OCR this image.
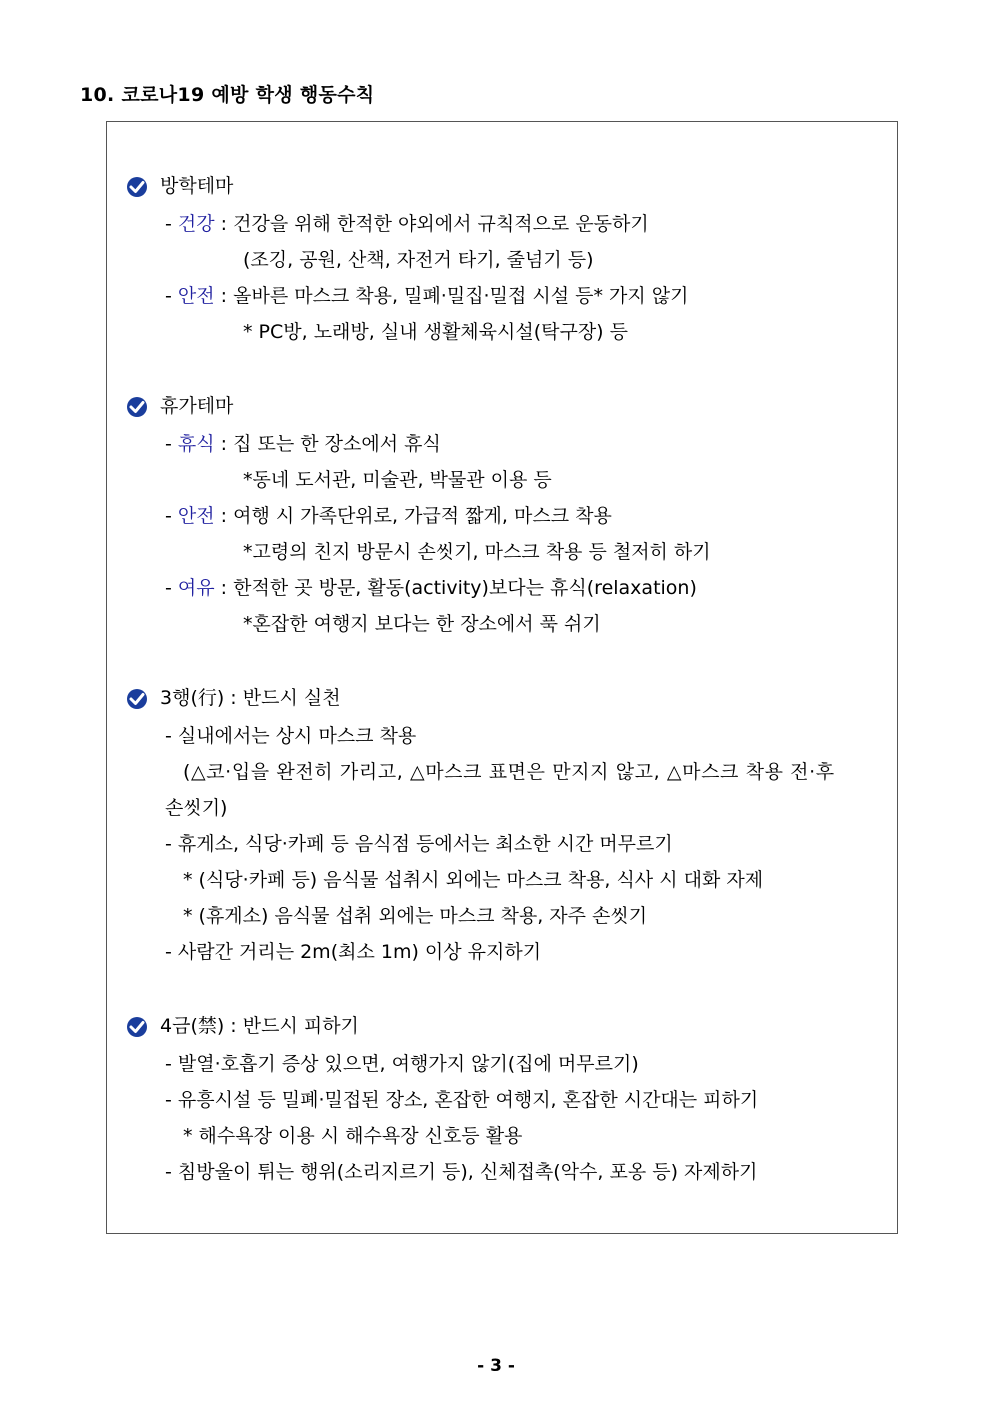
10. 코로나19 예방 학생 행동수칙
방학테마
- 건강 : 건강을 위해 한적한 야외에서 규칙적으로 운동하기
(조깅, 공원, 산책, 자전거 타기, 줄넘기 등)
- 안전 : 올바른 마스크 착용, 밀폐·밀집·밀접 시설 등* 가지 않기
* PC방, 노래방, 실내 생활체육시설(탁구장) 등
휴가테마
- 휴식 : 집 또는 한 장소에서 휴식
*동네 도서관, 미술관, 박물관 이용 등
- 안전 : 여행 시 가족단위로, 가급적 짧게, 마스크 착용
*고령의 친지 방문시 손씻기, 마스크 착용 등 철저히 하기
- 여유 : 한적한 곳 방문, 활동(activity)보다는 휴식(relaxation)
*혼잡한 여행지 보다는 한 장소에서 푹 쉬기
3행(行) : 반드시 실천
- 실내에서는 상시 마스크 착용
(△코·입을 완전히 가리고, △마스크 표면은 만지지 않고, △마스크 착용 전·후
손씻기)
- 휴게소, 식당·카페 등 음식점 등에서는 최소한 시간 머무르기
* (식당·카페 등) 음식물 섭취시 외에는 마스크 착용, 식사 시 대화 자제
* (휴게소) 음식물 섭취 외에는 마스크 착용, 자주 손씻기
- 사람간 거리는 2m(최소 1m) 이상 유지하기
4금(禁) : 반드시 피하기
- 발열·호흡기 증상 있으면, 여행가지 않기(집에 머무르기)
- 유흥시설 등 밀폐·밀접된 장소, 혼잡한 여행지, 혼잡한 시간대는 피하기
* 해수욕장 이용 시 해수욕장 신호등 활용
- 침방울이 튀는 행위(소리지르기 등), 신체접촉(악수, 포옹 등) 자제하기
- 3 -
